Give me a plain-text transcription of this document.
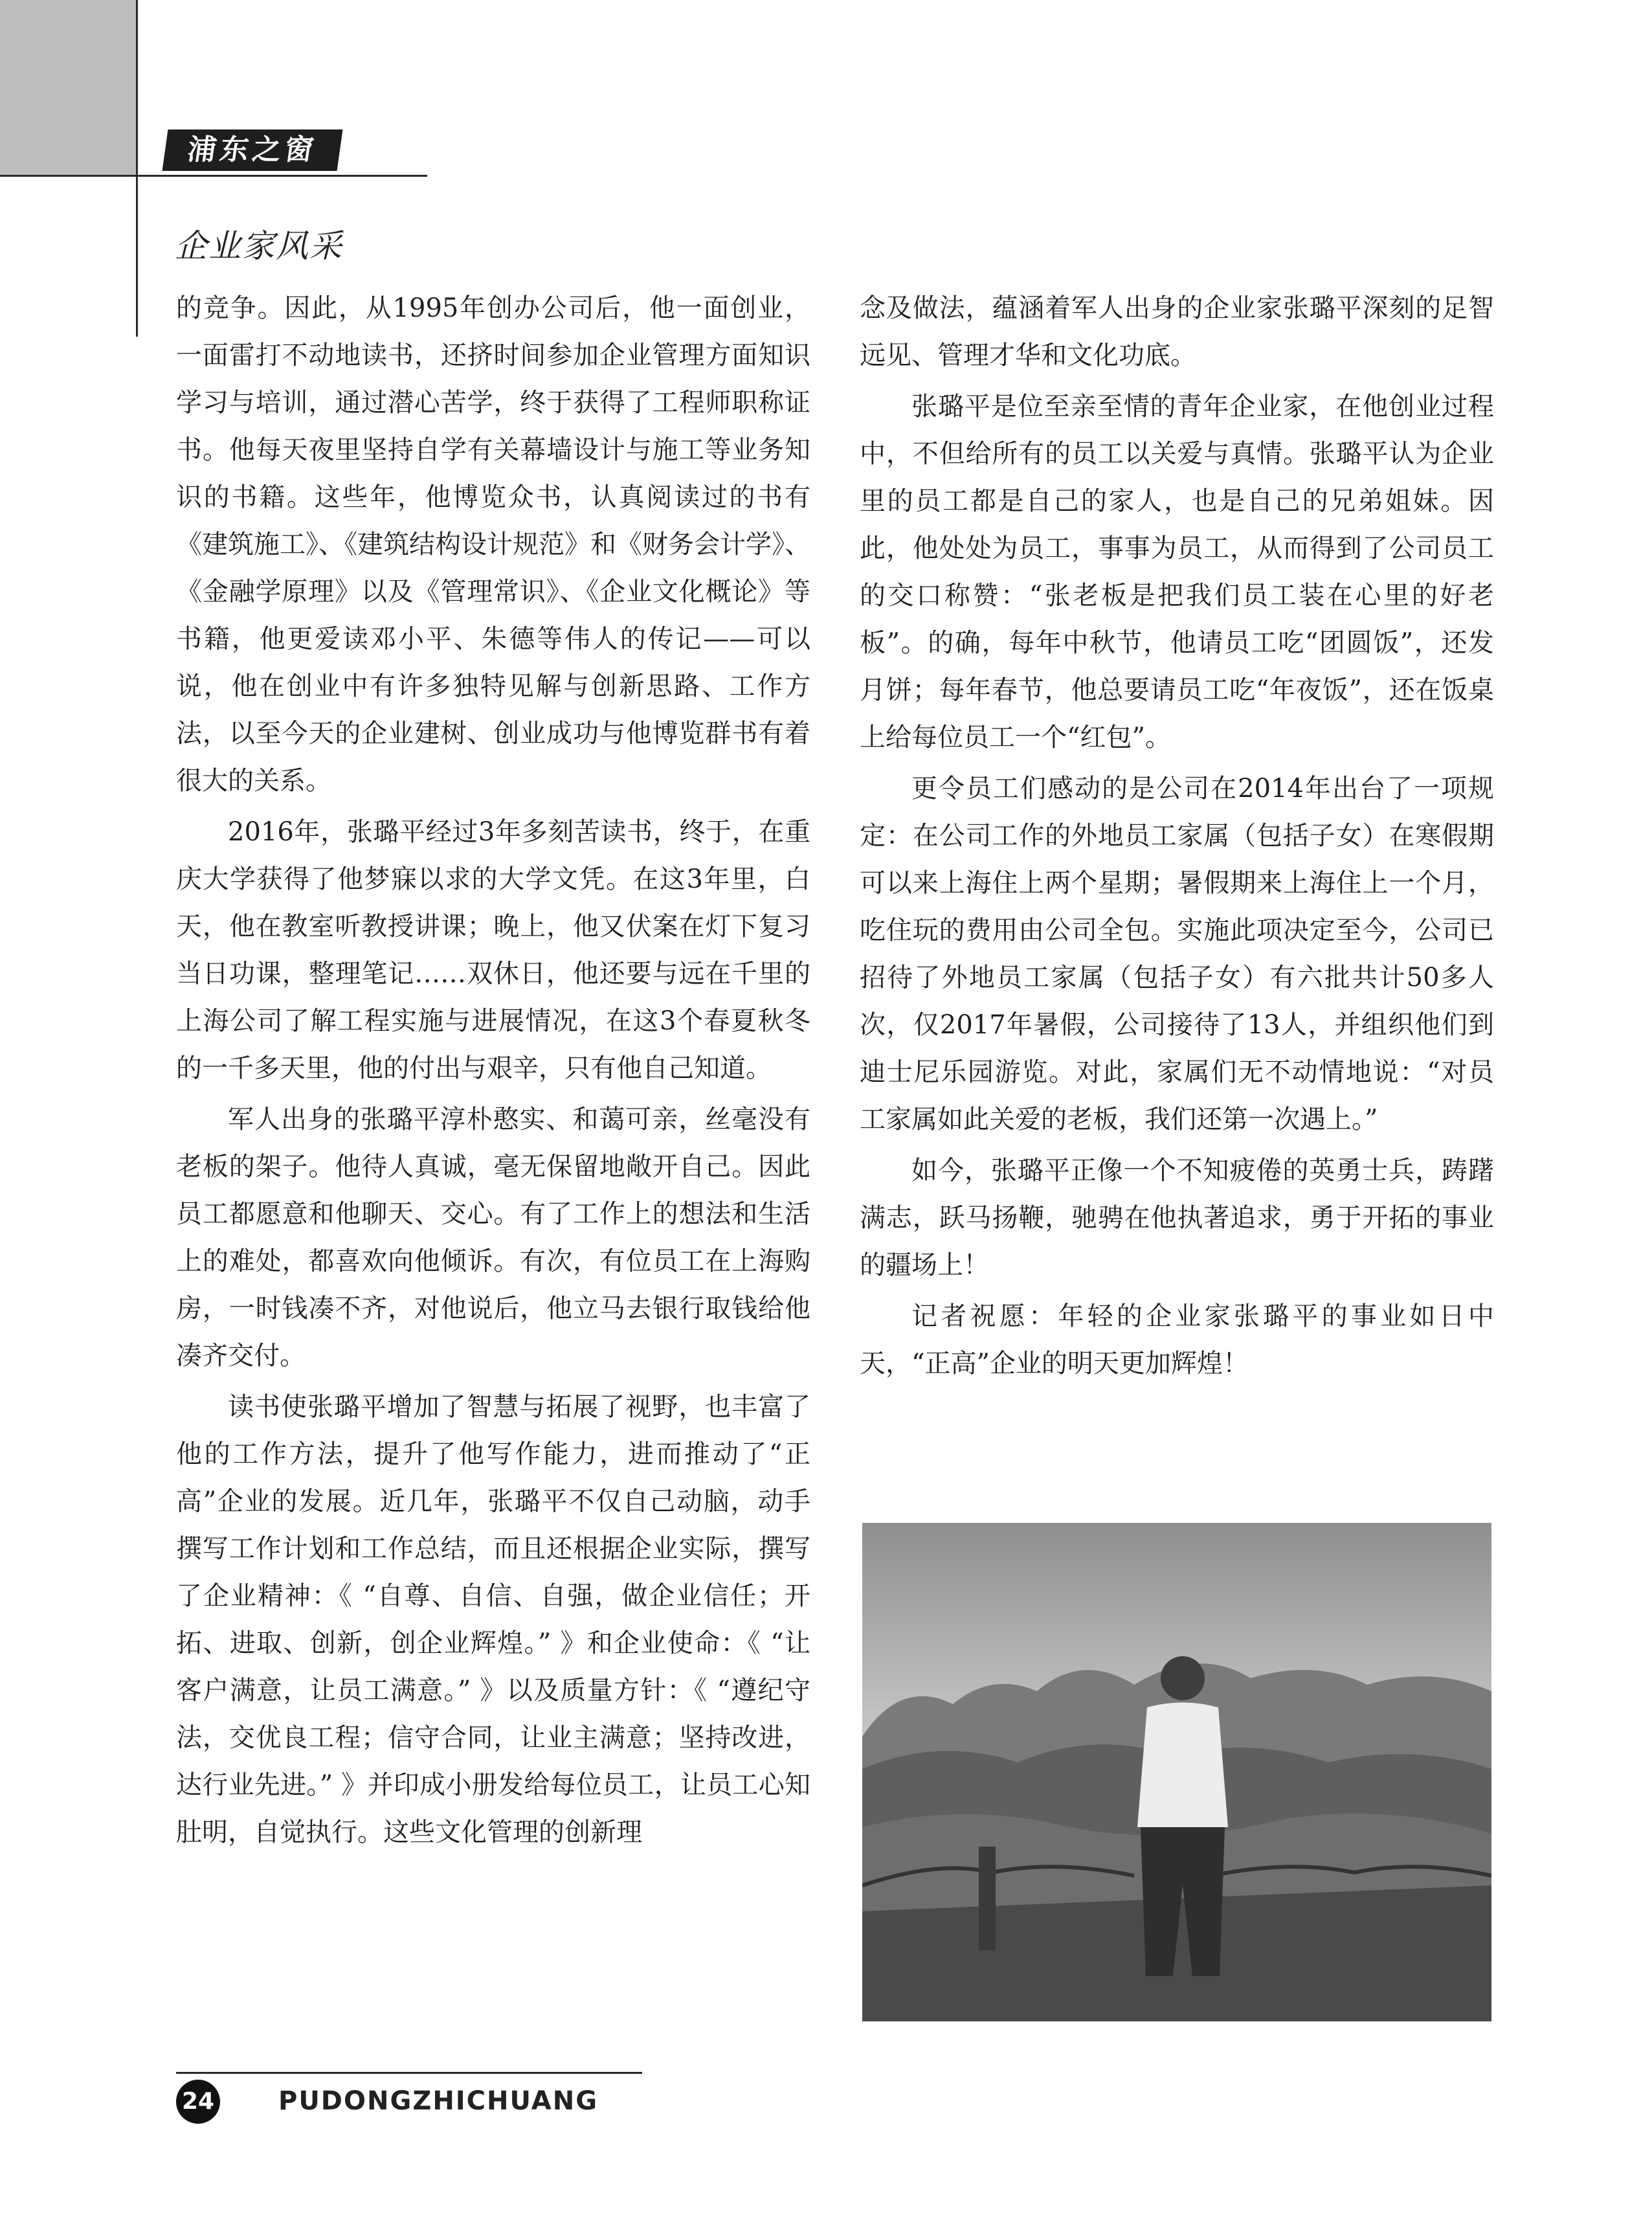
浦东之窗
企业家风采

的竞争。因此，从1995年创办公司后，他一面创业，一面雷打不动地读书，还挤时间参加企业管理方面知识学习与培训，通过潜心苦学，终于获得了工程师职称证书。他每天夜里坚持自学有关幕墙设计与施工等业务知识的书籍。这些年，他博览众书，认真阅读过的书有《建筑施工》、《建筑结构设计规范》和《财务会计学》、《金融学原理》以及《管理常识》、《企业文化概论》等书籍，他更爱读邓小平、朱德等伟人的传记——可以说，他在创业中有许多独特见解与创新思路、工作方法，以至今天的企业建树、创业成功与他博览群书有着很大的关系。

2016年，张璐平经过3年多刻苦读书，终于，在重庆大学获得了他梦寐以求的大学文凭。在这3年里，白天，他在教室听教授讲课；晚上，他又伏案在灯下复习当日功课，整理笔记……双休日，他还要与远在千里的上海公司了解工程实施与进展情况，在这3个春夏秋冬的一千多天里，他的付出与艰辛，只有他自己知道。

军人出身的张璐平淳朴憨实、和蔼可亲，丝毫没有老板的架子。他待人真诚，毫无保留地敞开自己。因此员工都愿意和他聊天、交心。有了工作上的想法和生活上的难处，都喜欢向他倾诉。有次，有位员工在上海购房，一时钱凑不齐，对他说后，他立马去银行取钱给他凑齐交付。

读书使张璐平增加了智慧与拓展了视野，也丰富了他的工作方法，提升了他写作能力，进而推动了“正高”企业的发展。近几年，张璐平不仅自己动脑，动手撰写工作计划和工作总结，而且还根据企业实际，撰写了企业精神：《 “自尊、自信、自强，做企业信任；开拓、进取、创新，创企业辉煌。” 》和企业使命：《 “让客户满意，让员工满意。” 》以及质量方针：《 “遵纪守法，交优良工程；信守合同，让业主满意；坚持改进，达行业先进。” 》并印成小册发给每位员工，让员工心知肚明，自觉执行。这些文化管理的创新理

念及做法，蕴涵着军人出身的企业家张璐平深刻的足智远见、管理才华和文化功底。

张璐平是位至亲至情的青年企业家，在他创业过程中，不但给所有的员工以关爱与真情。张璐平认为企业里的员工都是自己的家人，也是自己的兄弟姐妹。因此，他处处为员工，事事为员工，从而得到了公司员工的交口称赞：“张老板是把我们员工装在心里的好老板”。的确，每年中秋节，他请员工吃“团圆饭”，还发月饼；每年春节，他总要请员工吃“年夜饭”，还在饭桌上给每位员工一个“红包”。

更令员工们感动的是公司在2014年出台了一项规定：在公司工作的外地员工家属（包括子女）在寒假期可以来上海住上两个星期；暑假期来上海住上一个月，吃住玩的费用由公司全包。实施此项决定至今，公司已招待了外地员工家属（包括子女）有六批共计50多人次，仅2017年暑假，公司接待了13人，并组织他们到迪士尼乐园游览。对此，家属们无不动情地说：“对员工家属如此关爱的老板，我们还第一次遇上。”

如今，张璐平正像一个不知疲倦的英勇士兵，踌躇满志，跃马扬鞭，驰骋在他执著追求，勇于开拓的事业的疆场上！

记者祝愿：年轻的企业家张璐平的事业如日中天，“正高”企业的明天更加辉煌！

24 PUDONGZHICHUANG
